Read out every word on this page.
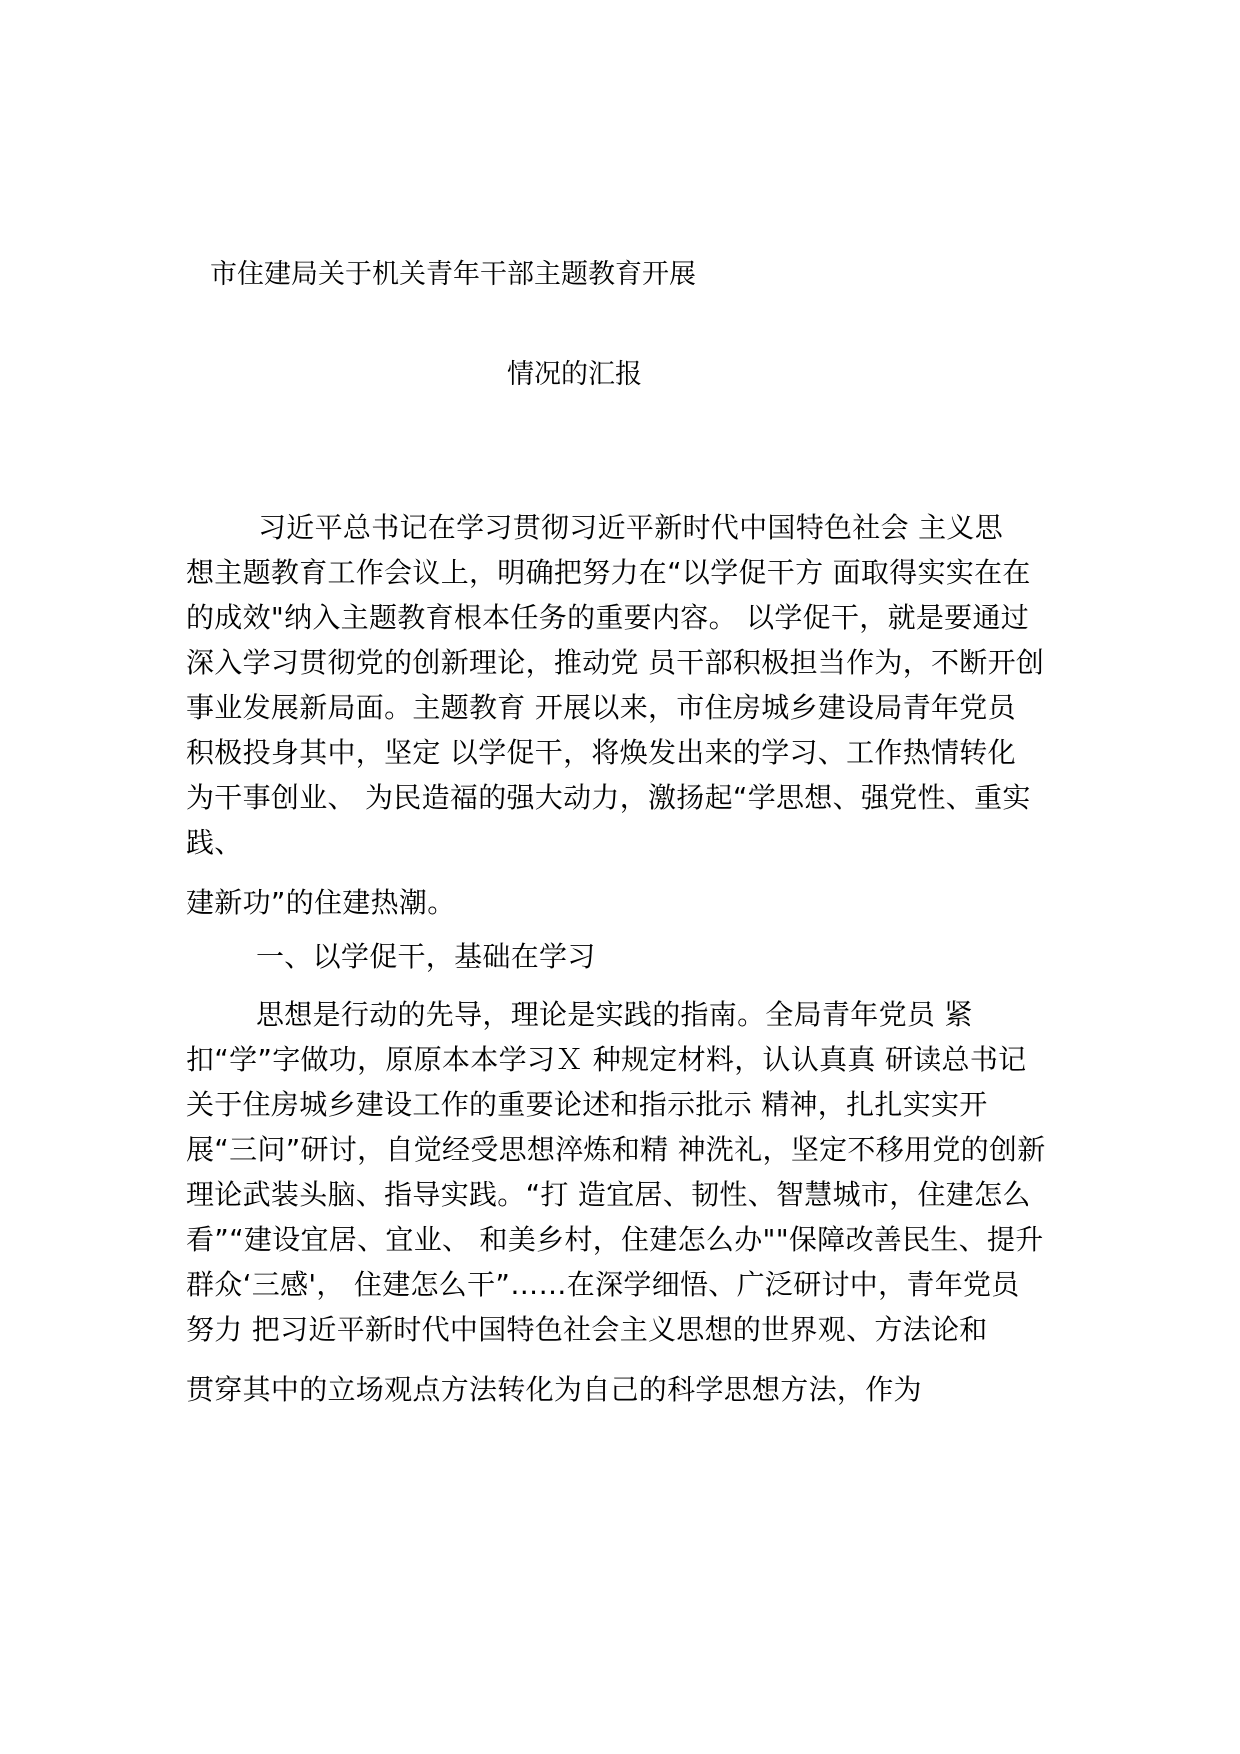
市住建局关于机关青年干部主题教育开展
情况的汇报

习近平总书记在学习贯彻习近平新时代中国特色社会 主义思

想主题教育工作会议上，明确把努力在“以学促干方 面取得实实在在

的成效"纳入主题教育根本任务的重要内容。 以学促干，就是要通过

深入学习贯彻党的创新理论，推动党 员干部积极担当作为，不断开创

事业发展新局面。主题教育 开展以来，市住房城乡建设局青年党员

积极投身其中，坚定 以学促干，将焕发出来的学习、工作热情转化

为干事创业、 为民造福的强大动力，激扬起“学思想、强党性、重实

践、

建新功”的住建热潮。

一、以学促干，基础在学习

思想是行动的先导，理论是实践的指南。全局青年党员 紧

扣“学”字做功，原原本本学习Ｘ 种规定材料，认认真真 研读总书记

关于住房城乡建设工作的重要论述和指示批示 精神，扎扎实实开

展“三问”研讨，自觉经受思想淬炼和精 神洗礼，坚定不移用党的创新

理论武装头脑、指导实践。“打 造宜居、韧性、智慧城市，住建怎么

看”“建设宜居、宜业、 和美乡村，住建怎么办""保障改善民生、提升

群众‘三感'， 住建怎么干”……在深学细悟、广泛研讨中，青年党员

努力 把习近平新时代中国特色社会主义思想的世界观、方法论和

贯穿其中的立场观点方法转化为自己的科学思想方法，作为
